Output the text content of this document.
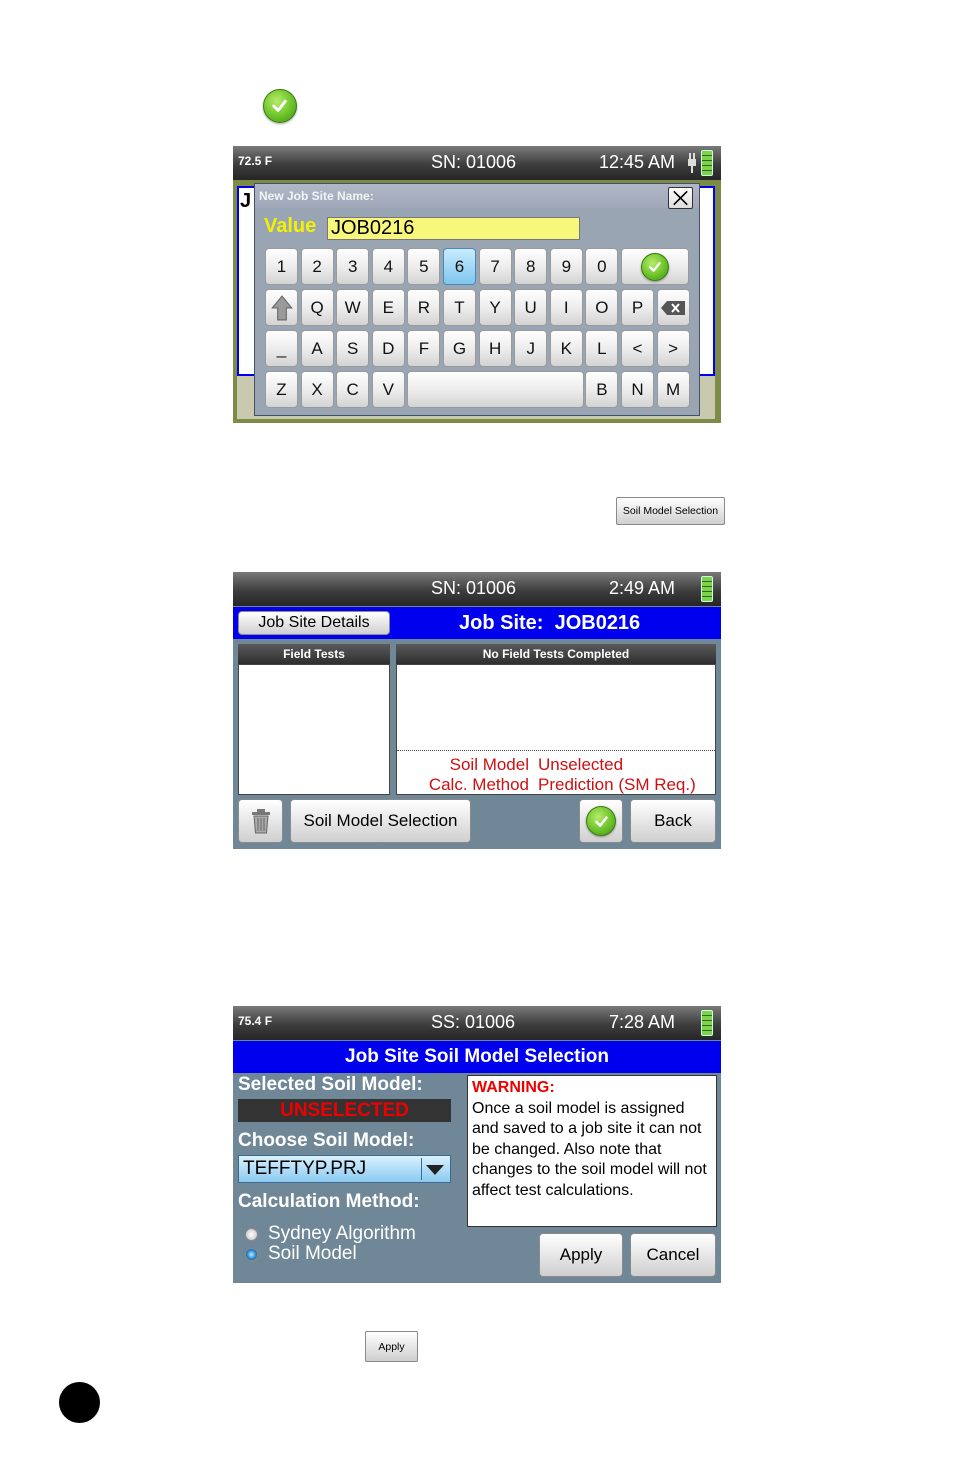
72.5 F	SN: 01006	12:45 AM
J New Job Site Name:
Value JOB0216
1	2	3	4	5	6	7	8	9	0
Q	W	E	R	T	Y	U	I	O	P
_	A	S	D	F	G	H	J	K	L	<	>
Z	X	C	V	B	N	M
Soil Model Selection
SN: 01006	2:49 AM
Job Site Details	Job Site:  JOB0216
Field Tests	No Field Tests Completed
Soil Model Unselected
Calc. Method Prediction (SM Req.)
Soil Model Selection	Back
75.4 F	SS: 01006	7:28 AM
Job Site Soil Model Selection
Selected Soil Model:
UNSELECTED
Choose Soil Model:
TEFFTYP.PRJ
Calculation Method:
Sydney Algorithm
Soil Model
WARNING:
Once a soil model is assigned and saved to a job site it can not be changed. Also note that changes to the soil model will not affect test calculations.
Apply	Cancel
Apply
